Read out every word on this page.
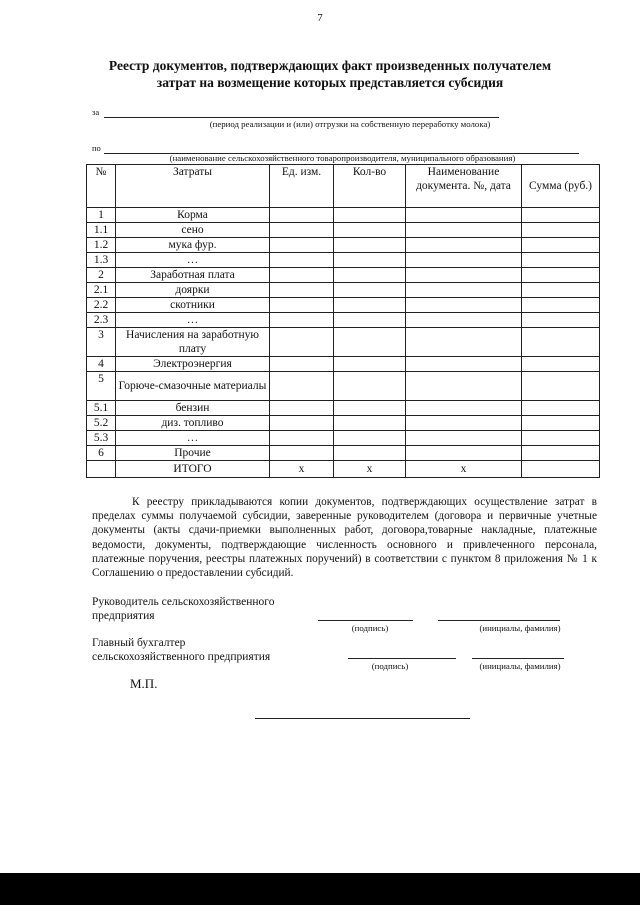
7
Реестр документов, подтверждающих факт произведенных получателем
затрат на возмещение которых представляется субсидия
за
(период реализации и (или) отгрузки на собственную переработку молока)
по
(наименование сельскохозяйственного товаропроизводителя, муниципального образования)
№	Затраты	Ед. изм.	Кол-во	Наименование документа. №, дата	Сумма (руб.)
1	Корма				
1.1	сено				
1.2	мука фур.				
1.3	…				
2	Заработная плата				
2.1	доярки				
2.2	скотники				
2.3	…				
3	Начисления на заработную плату				
4	Электроэнергия				
5	Горюче-смазочные материалы				
5.1	бензин				
5.2	диз. топливо				
5.3	…				
6	Прочие				
	ИТОГО	x	x	x	
К реестру прикладываются копии документов, подтверждающих осуществление затрат в пределах суммы получаемой субсидии, заверенные руководителем (договора и первичные учетные документы (акты сдачи-приемки выполненных работ, договора,товарные накладные, платежные ведомости, документы, подтверждающие численность основного и привлеченного персонала, платежные поручения, реестры платежных поручений) в соответствии с пунктом 8 приложения № 1 к Соглашению о предоставлении субсидий.
Руководитель сельскохозяйственного
предприятия
(подпись)	(инициалы, фамилия)
Главный бухгалтер
сельскохозяйственного предприятия
(подпись)	(инициалы, фамилия)
М.П.
